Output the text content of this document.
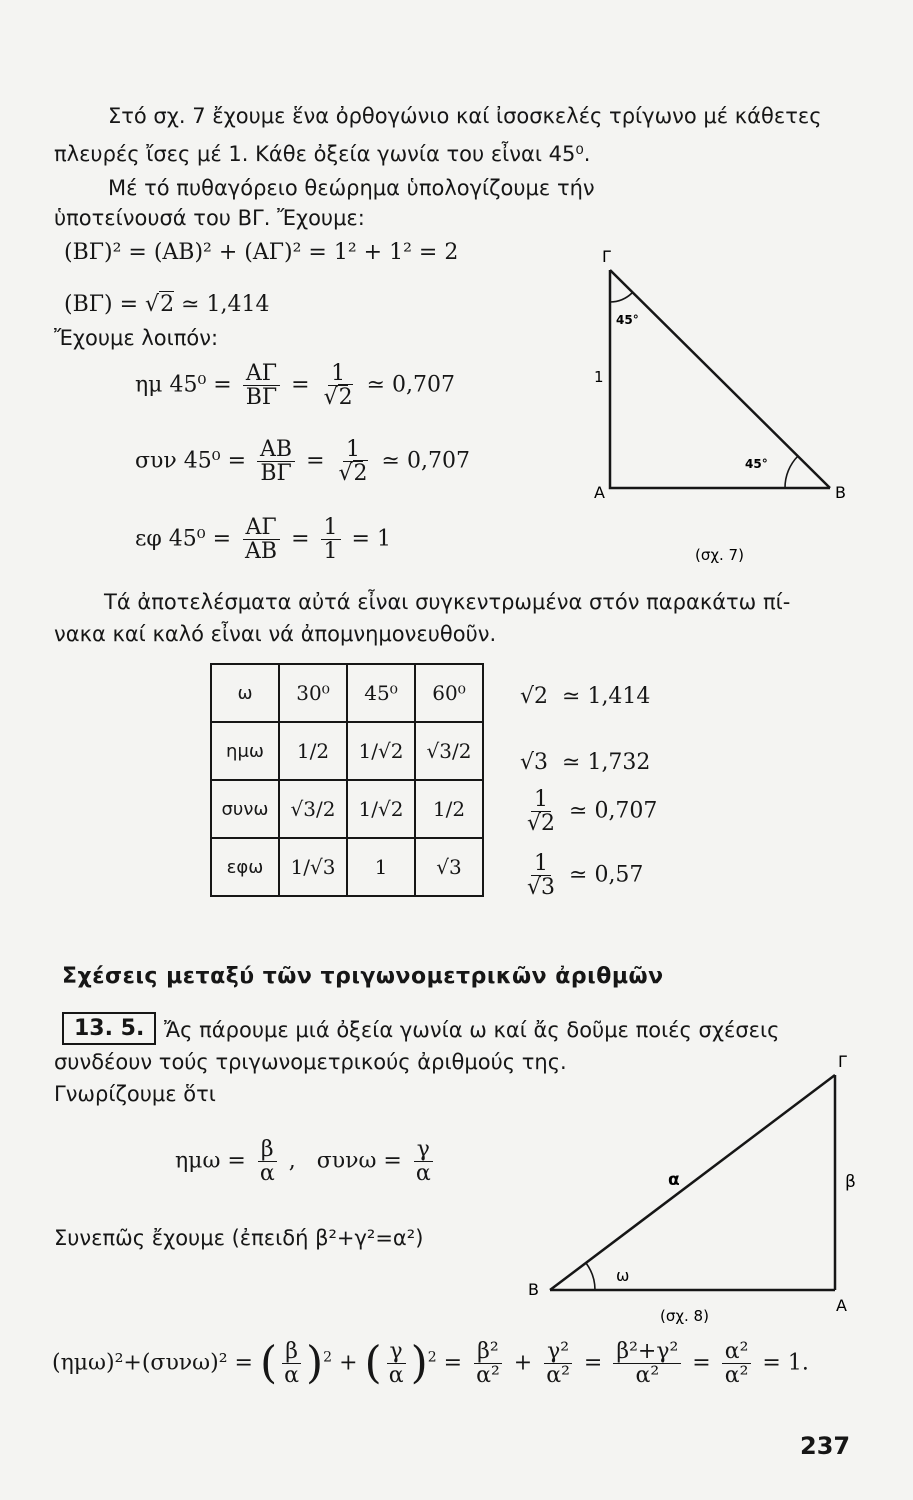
Στό σχ. 7 ἔχουμε ἕνα ὀρθογώνιο καί ἰσοσκελές τρίγωνο μέ κάθετες
πλευρές ἴσες μέ 1. Κάθε ὀξεία γωνία του εἶναι 45⁰.
Μέ τό πυθαγόρειο θεώρημα ὑπολογίζουμε τήν
ὑποτείνουσά του ΒΓ. Ἔχουμε:
(ΒΓ)² = (ΑΒ)² + (ΑΓ)² = 1² + 1² = 2
(ΒΓ) = √2 ≃ 1,414
Ἔχουμε λοιπόν:
ημ $45^0 = \frac{A\Gamma}{B\Gamma} = \frac{1}{√2}$ ≃ 0,707
συν $45^0 = \frac{AB}{B\Gamma} = \frac{1}{√2}$ ≃ 0,707
εφ $45^0 = \frac{A\Gamma}{AB} = \frac{1}{1} = 1$
Γ
Α	Β
45°
45°
1
(σχ. 7)
Τά ἀποτελέσματα αὐτά εἶναι συγκεντρωμένα στόν παρακάτω πί-
νακα καί καλό εἶναι νά ἀπομνημονευθοῦν.
ω	30⁰	45⁰	60⁰
ημω	1/2	1/√2	√3/2
συνω	√3/2	1/√2	1/2
εφω	1/√3	1	√3
√2 ≃ 1,414
√3 ≃ 1,732
$\frac{1}{√2}$ ≃ 0,707
$\frac{1}{√3}$ ≃ 0,57
Σχέσεις μεταξύ τῶν τριγωνομετρικῶν ἀριθμῶν
13. 5. Ἄς πάρουμε μιά ὀξεία γωνία ω καί ἄς δοῦμε ποιές σχέσεις
συνδέουν τούς τριγωνομετρικούς ἀριθμούς της.
Γνωρίζουμε ὅτι
$\eta\mu\omega = \frac{\beta}{\alpha}$ , $\sigma\upsilon\nu\omega = \frac{\gamma}{\alpha}$
Συνεπῶς ἔχουμε (ἐπειδή β²+γ²=α²)
Γ
Β
Α
α	β
ω
(σχ. 8)
(ημω)²+(συνω)² = ( $\frac{\beta}{\alpha} )^2$ + ( $\frac{\gamma}{\alpha} )^2 = \frac{\text{β²}}{\text{α²}} + \frac{\text{γ²}}{\text{α²}} = \frac{\text{β²+γ²}}{\text{α²}} = \frac{\text{α²}}{\text{α²}} = 1$.
237
